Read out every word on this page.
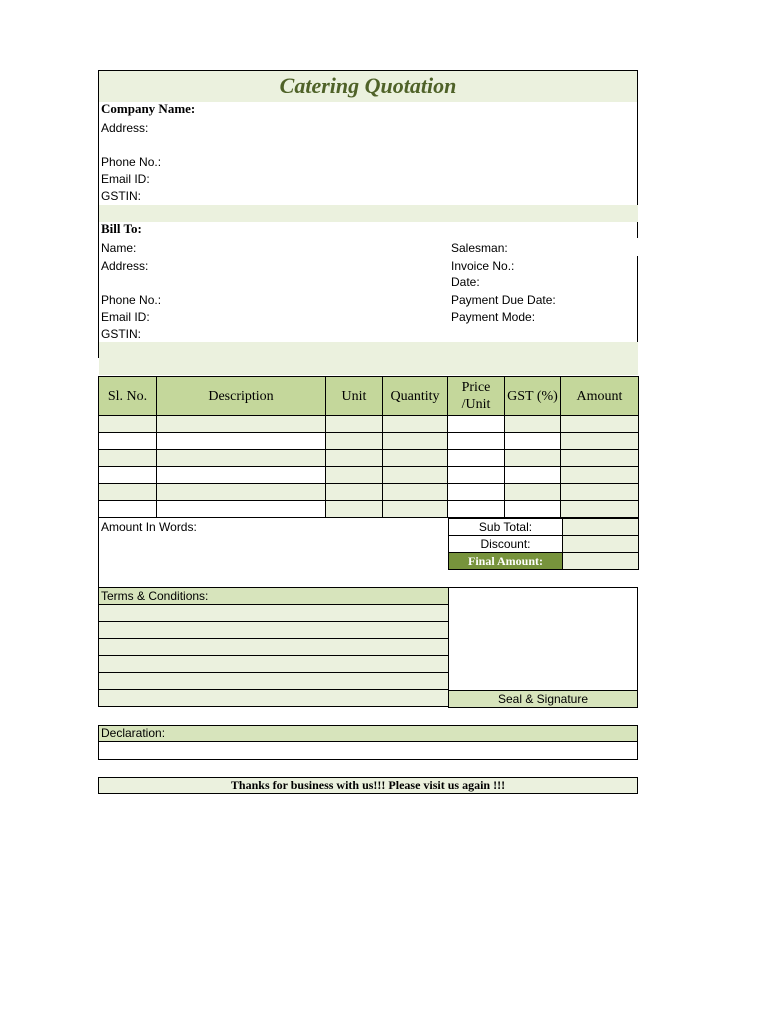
Catering Quotation
Company Name:
Address:
Phone No.:
Email ID:
GSTIN:
Bill To:
Name:
Address:
Phone No.:
Email ID:
GSTIN:
Salesman:
Invoice No.:
Date:
Payment Due Date:
Payment Mode:
Sl. No.	Description	Unit	Quantity	Price /Unit	GST (%)	Amount

Amount In Words:	Sub Total:	
Discount:	
Final Amount:	
Terms & Conditions:

Seal & Signature
Declaration:
Thanks for business with us!!! Please visit us again !!!
